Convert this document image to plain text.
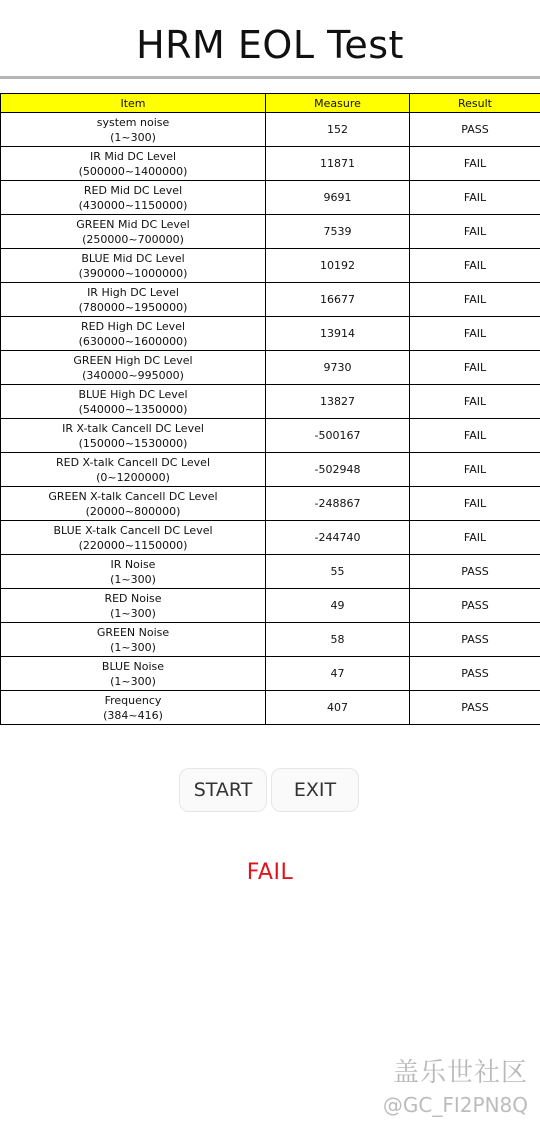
HRM EOL Test
Item	Measure	Result

system noise
(1~300)	152	PASS

IR Mid DC Level
(500000~1400000)	11871	FAIL

RED Mid DC Level
(430000~1150000)	9691	FAIL

GREEN Mid DC Level
(250000~700000)	7539	FAIL

BLUE Mid DC Level
(390000~1000000)	10192	FAIL

IR High DC Level
(780000~1950000)	16677	FAIL

RED High DC Level
(630000~1600000)	13914	FAIL

GREEN High DC Level
(340000~995000)	9730	FAIL

BLUE High DC Level
(540000~1350000)	13827	FAIL

IR X-talk Cancell DC Level
(150000~1530000)	-500167	FAIL

RED X-talk Cancell DC Level
(0~1200000)	-502948	FAIL

GREEN X-talk Cancell DC Level
(20000~800000)	-248867	FAIL

BLUE X-talk Cancell DC Level
(220000~1150000)	-244740	FAIL

IR Noise
(1~300)	55	PASS

RED Noise
(1~300)	49	PASS

GREEN Noise
(1~300)	58	PASS

BLUE Noise
(1~300)	47	PASS

Frequency
(384~416)	407	PASS
START	EXIT
FAIL
盖乐世社区
@GC_FI2PN8Q
